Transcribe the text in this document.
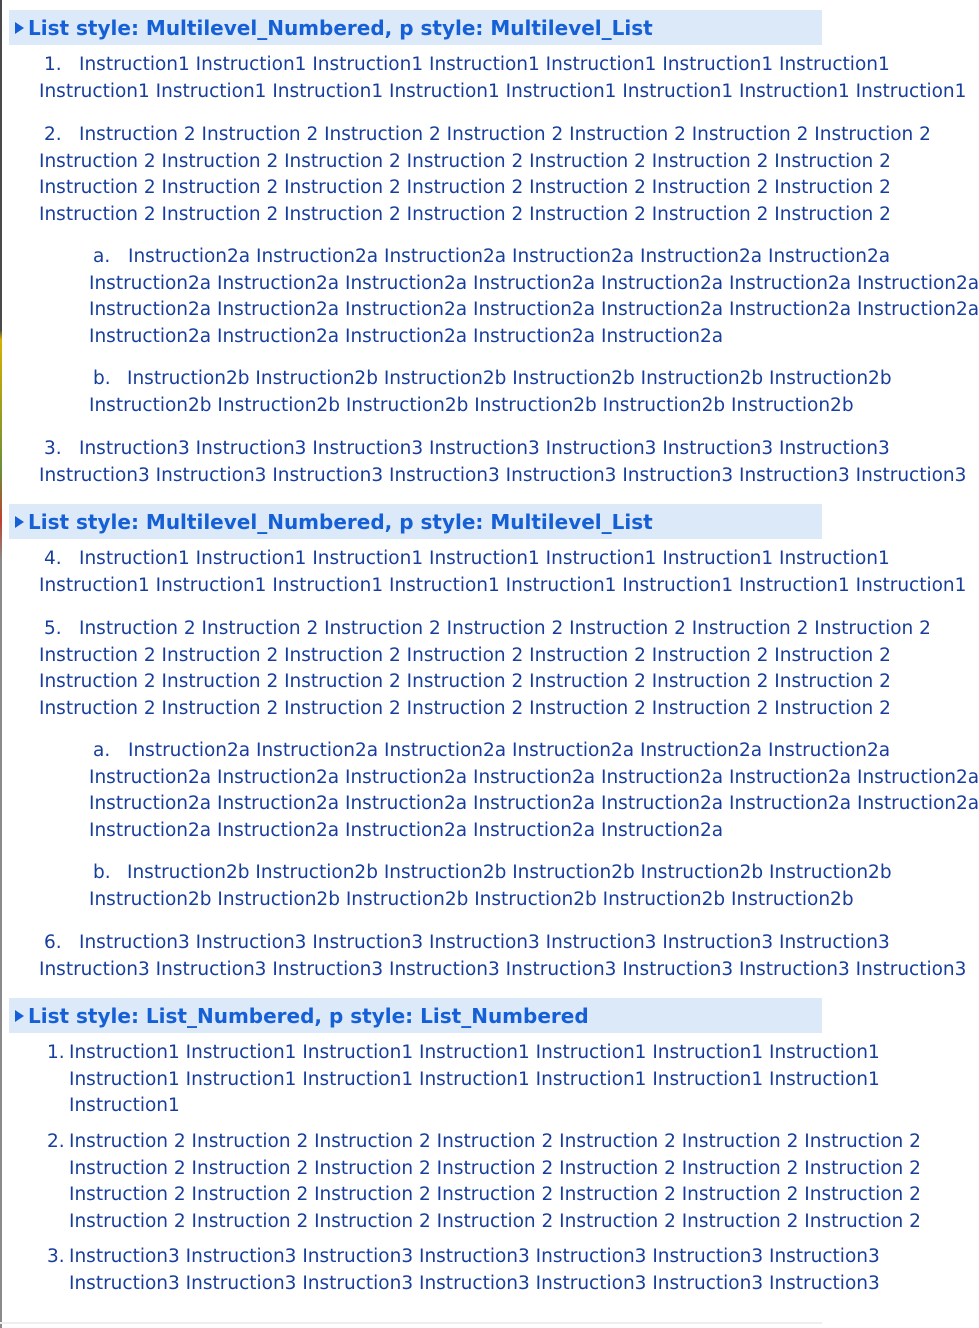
List style: Multilevel_Numbered, p style: Multilevel_List
1. Instruction1 Instruction1 Instruction1 Instruction1 Instruction1 Instruction1 Instruction1
Instruction1 Instruction1 Instruction1 Instruction1 Instruction1 Instruction1 Instruction1 Instruction1
2. Instruction 2 Instruction 2 Instruction 2 Instruction 2 Instruction 2 Instruction 2 Instruction 2
Instruction 2 Instruction 2 Instruction 2 Instruction 2 Instruction 2 Instruction 2 Instruction 2
Instruction 2 Instruction 2 Instruction 2 Instruction 2 Instruction 2 Instruction 2 Instruction 2
Instruction 2 Instruction 2 Instruction 2 Instruction 2 Instruction 2 Instruction 2 Instruction 2
a. Instruction2a Instruction2a Instruction2a Instruction2a Instruction2a Instruction2a
Instruction2a Instruction2a Instruction2a Instruction2a Instruction2a Instruction2a Instruction2a
Instruction2a Instruction2a Instruction2a Instruction2a Instruction2a Instruction2a Instruction2a
Instruction2a Instruction2a Instruction2a Instruction2a Instruction2a
b. Instruction2b Instruction2b Instruction2b Instruction2b Instruction2b Instruction2b
Instruction2b Instruction2b Instruction2b Instruction2b Instruction2b Instruction2b
3. Instruction3 Instruction3 Instruction3 Instruction3 Instruction3 Instruction3 Instruction3
Instruction3 Instruction3 Instruction3 Instruction3 Instruction3 Instruction3 Instruction3 Instruction3
List style: Multilevel_Numbered, p style: Multilevel_List
4. Instruction1 Instruction1 Instruction1 Instruction1 Instruction1 Instruction1 Instruction1
Instruction1 Instruction1 Instruction1 Instruction1 Instruction1 Instruction1 Instruction1 Instruction1
5. Instruction 2 Instruction 2 Instruction 2 Instruction 2 Instruction 2 Instruction 2 Instruction 2
Instruction 2 Instruction 2 Instruction 2 Instruction 2 Instruction 2 Instruction 2 Instruction 2
Instruction 2 Instruction 2 Instruction 2 Instruction 2 Instruction 2 Instruction 2 Instruction 2
Instruction 2 Instruction 2 Instruction 2 Instruction 2 Instruction 2 Instruction 2 Instruction 2
a. Instruction2a Instruction2a Instruction2a Instruction2a Instruction2a Instruction2a
Instruction2a Instruction2a Instruction2a Instruction2a Instruction2a Instruction2a Instruction2a
Instruction2a Instruction2a Instruction2a Instruction2a Instruction2a Instruction2a Instruction2a
Instruction2a Instruction2a Instruction2a Instruction2a Instruction2a
b. Instruction2b Instruction2b Instruction2b Instruction2b Instruction2b Instruction2b
Instruction2b Instruction2b Instruction2b Instruction2b Instruction2b Instruction2b
6. Instruction3 Instruction3 Instruction3 Instruction3 Instruction3 Instruction3 Instruction3
Instruction3 Instruction3 Instruction3 Instruction3 Instruction3 Instruction3 Instruction3 Instruction3
List style: List_Numbered, p style: List_Numbered
1. Instruction1 Instruction1 Instruction1 Instruction1 Instruction1 Instruction1 Instruction1
Instruction1 Instruction1 Instruction1 Instruction1 Instruction1 Instruction1 Instruction1
Instruction1
2. Instruction 2 Instruction 2 Instruction 2 Instruction 2 Instruction 2 Instruction 2 Instruction 2
Instruction 2 Instruction 2 Instruction 2 Instruction 2 Instruction 2 Instruction 2 Instruction 2
Instruction 2 Instruction 2 Instruction 2 Instruction 2 Instruction 2 Instruction 2 Instruction 2
Instruction 2 Instruction 2 Instruction 2 Instruction 2 Instruction 2 Instruction 2 Instruction 2
3. Instruction3 Instruction3 Instruction3 Instruction3 Instruction3 Instruction3 Instruction3
Instruction3 Instruction3 Instruction3 Instruction3 Instruction3 Instruction3 Instruction3
